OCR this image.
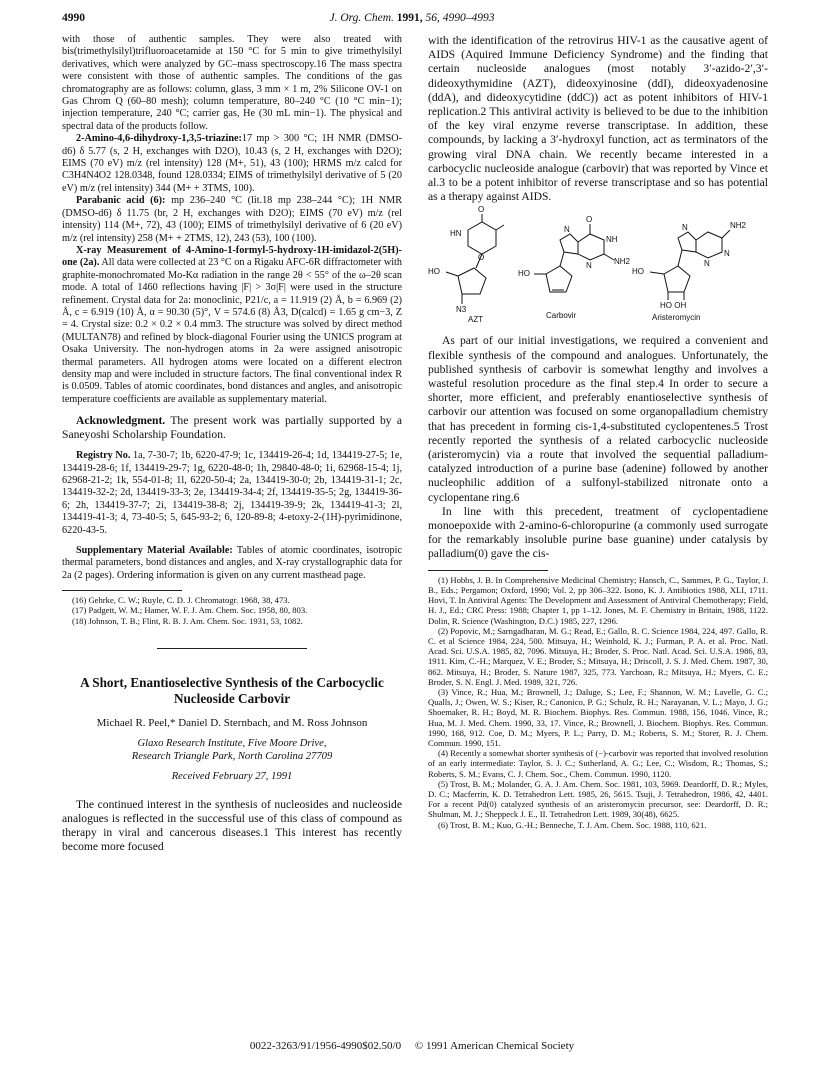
4990	J. Org. Chem. 1991, 56, 4990–4993

with those of authentic samples. They were also treated with bis(trimethylsilyl)trifluoroacetamide at 150 °C for 5 min to give trimethylsilyl derivatives, which were analyzed by GC–mass spectroscopy.16 The mass spectra were consistent with those of authentic samples. The conditions of the gas chromatography are as follows: column, glass, 3 mm × 1 m, 2% Silicone OV-1 on Gas Chrom Q (60–80 mesh); column temperature, 80–240 °C (10 °C min−1); injection temperature, 240 °C; carrier gas, He (30 mL min−1). The physical and spectral data of the products follow.

2-Amino-4,6-dihydroxy-1,3,5-triazine:17 mp > 300 °C; 1H NMR (DMSO-d6) δ 5.77 (s, 2 H, exchanges with D2O), 10.43 (s, 2 H, exchanges with D2O); EIMS (70 eV) m/z (rel intensity) 128 (M+, 51), 43 (100); HRMS m/z calcd for C3H4N4O2 128.0348, found 128.0334; EIMS of trimethylsilyl derivative of 5 (20 eV) m/z (rel intensity) 344 (M+ + 3TMS, 100).

Parabanic acid (6): mp 236–240 °C (lit.18 mp 238–244 °C); 1H NMR (DMSO-d6) δ 11.75 (br, 2 H, exchanges with D2O); EIMS (70 eV) m/z (rel intensity) 114 (M+, 72), 43 (100); EIMS of trimethylsilyl derivative of 6 (20 eV) m/z (rel intensity) 258 (M+ + 2TMS, 12), 243 (53), 100 (100).

X-ray Measurement of 4-Amino-1-formyl-5-hydroxy-1H-imidazol-2(5H)-one (2a). All data were collected at 23 °C on a Rigaku AFC-6R diffractometer with graphite-monochromated Mo-Kα radiation in the range 2θ < 55° of the ω–2θ scan mode. A total of 1460 reflections having |F| > 3σ|F| were used in the structure refinement. Crystal data for 2a: monoclinic, P21/c, a = 11.919 (2) Å, b = 6.969 (2) Å, c = 6.919 (10) Å, α = 90.30 (5)°, V = 574.6 (8) Å3, D(calcd) = 1.65 g cm−3, Z = 4. Crystal size: 0.2 × 0.2 × 0.4 mm3. The structure was solved by direct method (MULTAN78) and refined by block-diagonal Fourier using the UNICS program at Osaka University. The non-hydrogen atoms in 2a were assigned anisotropic thermal parameters. All hydrogen atoms were located on a different electron density map and were included in structure factors. The final conventional index R is 0.0509. Tables of atomic coordinates, bond distances and angles, and anisotropic temperature coefficients are available as supplementary material.

Acknowledgment. The present work was partially supported by a Saneyoshi Scholarship Foundation.

Registry No. 1a, 7-30-7; 1b, 6220-47-9; 1c, 134419-26-4; 1d, 134419-27-5; 1e, 134419-28-6; 1f, 134419-29-7; 1g, 6220-48-0; 1h, 29840-48-0; 1i, 62968-15-4; 1j, 62968-21-2; 1k, 554-01-8; 1l, 6220-50-4; 2a, 134419-30-0; 2b, 134419-31-1; 2c, 134419-32-2; 2d, 134419-33-3; 2e, 134419-34-4; 2f, 134419-35-5; 2g, 134419-36-6; 2h, 134419-37-7; 2i, 134419-38-8; 2j, 134419-39-9; 2k, 134419-41-3; 2l, 134419-41-3; 4, 73-40-5; 5, 645-93-2; 6, 120-89-8; 4-etoxy-2-(1H)-pyrimidinone, 6220-43-5.

Supplementary Material Available: Tables of atomic coordinates, isotropic thermal parameters, bond distances and angles, and X-ray crystallographic data for 2a (2 pages). Ordering information is given on any current masthead page.

(16) Gehrke, C. W.; Ruyle, C. D. J. Chromatogr. 1968, 38, 473.

(17) Padgett, W. M.; Hamer, W. F. J. Am. Chem. Soc. 1958, 80, 803.

(18) Johnson, T. B.; Flint, R. B. J. Am. Chem. Soc. 1931, 53, 1082.

A Short, Enantioselective Synthesis of the Carbocyclic Nucleoside Carbovir
Michael R. Peel,* Daniel D. Sternbach, and M. Ross Johnson
Glaxo Research Institute, Five Moore Drive,
Research Triangle Park, North Carolina 27709
Received February 27, 1991

The continued interest in the synthesis of nucleosides and nucleoside analogues is reflected in the successful use of this class of compound as therapy in viral and cancerous diseases.1 This interest has recently become more focused

with the identification of the retrovirus HIV-1 as the causative agent of AIDS (Aquired Immune Deficiency Syndrome) and the finding that certain nucleoside analogues (most notably 3′-azido-2′,3′-dideoxythymidine (AZT), dideoxyinosine (ddI), dideoxyadenosine (ddA), and dideoxycytidine (ddC)) act as potent inhibitors of HIV-1 replication.2 This antiviral activity is believed to be due to the inhibition of the key viral enzyme reverse transcriptase. In addition, these compounds, by lacking a 3′-hydroxyl function, act as terminators of the growing viral DNA chain. We recently became interested in a carbocyclic nucleoside analogue (carbovir) that was reported by Vince et al.3 to be a potent inhibitor of reverse transcriptase and so has potential as a therapy against AIDS.

O
HN
O
HO
N3
AZT
O
NH
N
N	NH2
HO
Carbovir
NH2
N
N
N
HO
HO OH
Aristeromycin

As part of our initial investigations, we required a convenient and flexible synthesis of the compound and analogues. Unfortunately, the published synthesis of carbovir is somewhat lengthy and involves a wasteful resolution procedure as the final step.4 In order to secure a shorter, more efficient, and preferably enantioselective synthesis of carbovir our attention was focused on some organopalladium chemistry that has precedent in forming cis-1,4-substituted cyclopentenes.5 Trost recently reported the synthesis of a related carbocyclic nucleoside (aristeromycin) via a route that involved the sequential palladium-catalyzed introduction of a purine base (adenine) followed by another nucleophilic addition of a sulfonyl-stabilized nitronate onto a cyclopentane ring.6

In line with this precedent, treatment of cyclopentadiene monoepoxide with 2-amino-6-chloropurine (a commonly used surrogate for the remarkably insoluble purine base guanine) under catalysis by palladium(0) gave the cis-

(1) Hobbs, J. B. In Comprehensive Medicinal Chemistry; Hansch, C., Sammes, P. G., Taylor, J. B., Eds.; Pergamon; Oxford, 1990; Vol. 2, pp 306–322. Isono, K. J. Antibiotics 1988, XLI, 1711. Hovi, T. In Antiviral Agents: The Development and Assessment of Antiviral Chemotherapy; Field, H. J., Ed.; CRC Press: 1988; Chapter 1, pp 1–12. Jones, M. F. Chemistry in Britain, 1988, 1122. Dolin, R. Science (Washington, D.C.) 1985, 227, 1296.

(2) Popovic, M.; Sarngadharan, M. G.; Read, E.; Gallo, R. C. Science 1984, 224, 497. Gallo, R. C. et al Science 1984, 224, 500. Mitsuya, H.; Weinhold, K. J.; Furman, P. A. et al. Proc. Natl. Acad. Sci. U.S.A. 1985, 82, 7096. Mitsuya, H.; Broder, S. Proc. Natl. Acad. Sci. U.S.A. 1986, 83, 1911. Kim, C.-H.; Marquez, V. E.; Broder, S.; Mitsuya, H.; Driscoll, J. S. J. Med. Chem. 1987, 30, 862. Mitsuya, H.; Broder, S. Nature 1987, 325, 773. Yarchoan, R.; Mitsuya, H.; Myers, C. E.; Broder, S. N. Engl. J. Med. 1989, 321, 726.

(3) Vince, R.; Hua, M.; Brownell, J.; Daluge, S.; Lee, F.; Shannon, W. M.; Lavelle, G. C.; Qualls, J.; Owen, W. S.; Kiser, R.; Canonico, P. G.; Schulz, R. H.; Narayanan, V. L.; Mayo, J. G.; Shoemaker, R. H.; Boyd, M. R. Biochem. Biophys. Res. Commun. 1988, 156, 1046. Vince, R.; Hua, M. J. Med. Chem. 1990, 33, 17. Vince, R.; Brownell, J. Biochem. Biophys. Res. Commun. 1990, 168, 912. Coe, D. M.; Myers, P. L.; Parry, D. M.; Roberts, S. M.; Storer, R. J. Chem. Commun. 1990, 151.

(4) Recently a somewhat shorter synthesis of (−)-carbovir was reported that involved resolution of an early intermediate: Taylor, S. J. C.; Sutherland, A. G.; Lee, C.; Wisdom, R.; Thomas, S.; Roberts, S. M.; Evans, C. J. Chem. Soc., Chem. Commun. 1990, 1120.

(5) Trost, B. M.; Molander, G. A. J. Am. Chem. Soc. 1981, 103, 5969. Deardorff, D. R.; Myles, D. C.; Macferrin, K. D. Tetrahedron Lett. 1985, 26, 5615. Tsuji, J. Tetrahedron, 1986, 42, 4401. For a recent Pd(0) catalyzed synthesis of an aristeromycin precursor, see: Deardorff, D. R.; Shulman, M. J.; Sheppeck J. E., II. Tetrahedron Lett. 1989, 30(48), 6625.

(6) Trost, B. M.; Kuo, G.-H.; Benneche, T. J. Am. Chem. Soc. 1988, 110, 621.

0022-3263/91/1956-4990$02.50/0 © 1991 American Chemical Society
